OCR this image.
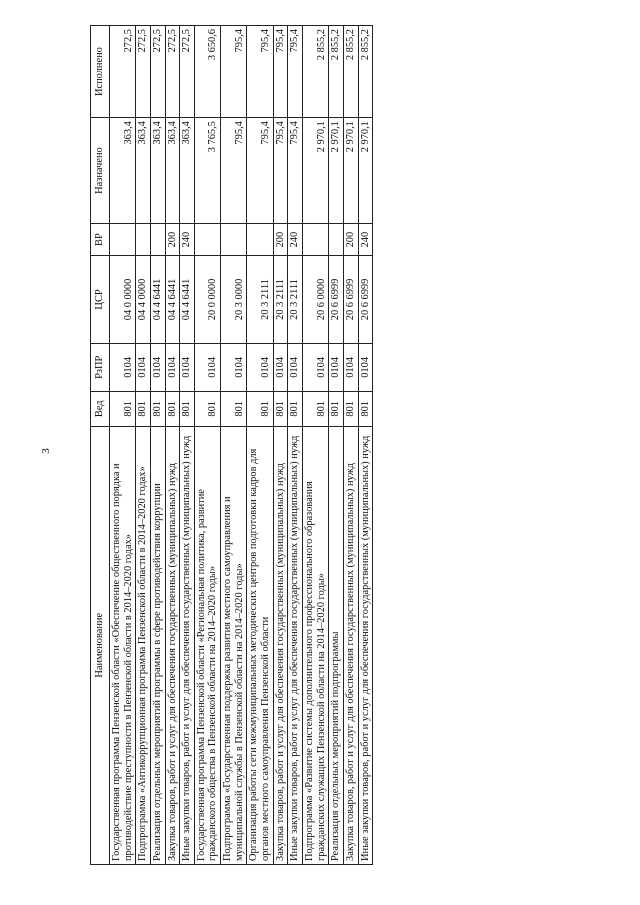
3
Наименование	Вед	РзПР	ЦСР	ВР	Назначено	Исполнено
Государственная программа Пензенской области «Обеспечение общественного порядка и противодействие преступности в Пензенской области в 2014–2020 годах»	801	0104	04 0 0000		363,4	272,5
Подпрограмма «Антикоррупционная программа Пензенской области в 2014–2020 годах»	801	0104	04 4 0000		363,4	272,5
Реализация отдельных мероприятий программы в сфере противодействия коррупции	801	0104	04 4 6441		363,4	272,5
Закупка товаров, работ и услуг для обеспечения государственных (муниципальных) нужд	801	0104	04 4 6441	200	363,4	272,5
Иные закупки товаров, работ и услуг для обеспечения государственных (муниципальных) нужд	801	0104	04 4 6441	240	363,4	272,5
Государственная программа Пензенской области «Региональная политика, развитие гражданского общества в Пензенской области на 2014–2020 годы»	801	0104	20 0 0000		3 765,5	3 650,6
Подпрограмма «Государственная поддержка развития местного самоуправления и муниципальной службы в Пензенской области на 2014–2020 годы»	801	0104	20 3 0000		795,4	795,4
Организация работы сети межмуниципальных методических центров подготовки кадров для органов местного самоуправления Пензенской области	801	0104	20 3 2111		795,4	795,4
Закупка товаров, работ и услуг для обеспечения государственных (муниципальных) нужд	801	0104	20 3 2111	200	795,4	795,4
Иные закупки товаров, работ и услуг для обеспечения государственных (муниципальных) нужд	801	0104	20 3 2111	240	795,4	795,4
Подпрограмма «Развитие системы дополнительного профессионального образования гражданских служащих Пензенской области на 2014–2020 годы»	801	0104	20 6 0000		2 970,1	2 855,2
Реализация отдельных мероприятий подпрограммы	801	0104	20 6 6999		2 970,1	2 855,2
Закупка товаров, работ и услуг для обеспечения государственных (муниципальных) нужд	801	0104	20 6 6999	200	2 970,1	2 855,2
Иные закупки товаров, работ и услуг для обеспечения государственных (муниципальных) нужд	801	0104	20 6 6999	240	2 970,1	2 855,2
